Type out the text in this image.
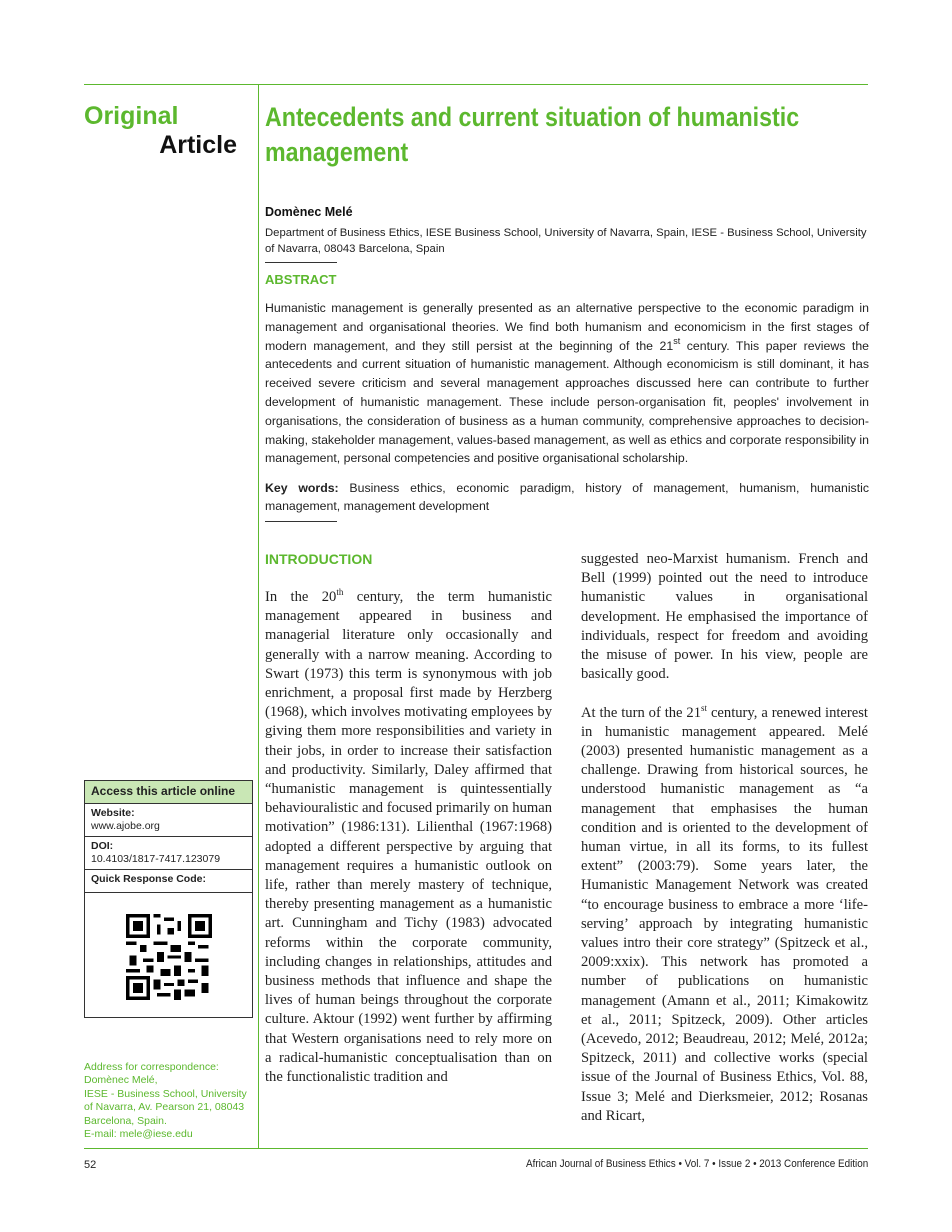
Original
Article
Antecedents and current situation of humanistic management
Domènec Melé
Department of Business Ethics, IESE Business School, University of Navarra, Spain, IESE - Business School, University of Navarra, 08043 Barcelona, Spain
ABSTRACT
Humanistic management is generally presented as an alternative perspective to the economic paradigm in management and organisational theories. We find both humanism and economicism in the first stages of modern management, and they still persist at the beginning of the 21st century. This paper reviews the antecedents and current situation of humanistic management. Although economicism is still dominant, it has received severe criticism and several management approaches discussed here can contribute to further development of humanistic management. These include person-organisation fit, peoples' involvement in organisations, the consideration of business as a human community, comprehensive approaches to decision-making, stakeholder management, values-based management, as well as ethics and corporate responsibility in management, personal competencies and positive organisational scholarship.
Key words: Business ethics, economic paradigm, history of management, humanism, humanistic management, management development
INTRODUCTION

In the 20th century, the term humanistic management appeared in business and managerial literature only occasionally and generally with a narrow meaning. According to Swart (1973) this term is synonymous with job enrichment, a proposal first made by Herzberg (1968), which involves motivating employees by giving them more responsibilities and variety in their jobs, in order to increase their satisfaction and productivity. Similarly, Daley affirmed that “humanistic management is quintessentially behaviouralistic and focused primarily on human motivation” (1986:131). Lilienthal (1967:1968) adopted a different perspective by arguing that management requires a humanistic outlook on life, rather than merely mastery of technique, thereby presenting management as a humanistic art. Cunningham and Tichy (1983) advocated reforms within the corporate community, including changes in relationships, attitudes and business methods that influence and shape the lives of human beings throughout the corporate culture. Aktour (1992) went further by affirming that Western organisations need to rely more on a radical-humanistic conceptualisation than on the functionalistic tradition and

suggested neo-Marxist humanism. French and Bell (1999) pointed out the need to introduce humanistic values in organisational development. He emphasised the importance of individuals, respect for freedom and avoiding the misuse of power. In his view, people are basically good.

At the turn of the 21st century, a renewed interest in humanistic management appeared. Melé (2003) presented humanistic management as a challenge. Drawing from historical sources, he understood humanistic management as “a management that emphasises the human condition and is oriented to the development of human virtue, in all its forms, to its fullest extent” (2003:79). Some years later, the Humanistic Management Network was created “to encourage business to embrace a more ‘life-serving’ approach by integrating humanistic values intro their core strategy” (Spitzeck et al., 2009:xxix). This network has promoted a number of publications on humanistic management (Amann et al., 2011; Kimakowitz et al., 2011; Spitzeck, 2009). Other articles (Acevedo, 2012; Beaudreau, 2012; Melé, 2012a; Spitzeck, 2011) and collective works (special issue of the Journal of Business Ethics, Vol. 88, Issue 3; Melé and Dierksmeier, 2012; Rosanas and Ricart,

Access this article online
Website:
www.ajobe.org
DOI:
10.4103/1817-7417.123079
Quick Response Code:
Address for correspondence:
Domènec Melé,
IESE - Business School, University of Navarra, Av. Pearson 21, 08043 Barcelona, Spain.
E-mail: mele@iese.edu
52	African Journal of Business Ethics • Vol. 7 • Issue 2 • 2013 Conference Edition
